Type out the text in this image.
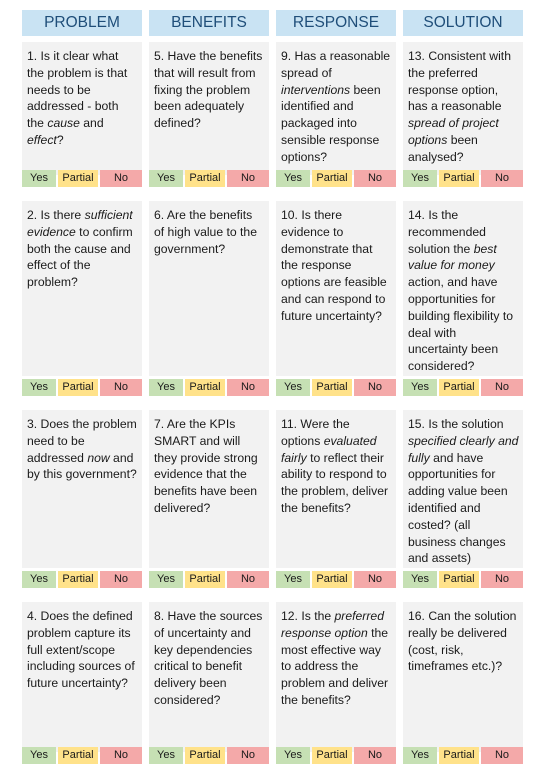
PROBLEM
1. Is it clear what the problem is that needs to be addressed - both the cause and effect?
Yes	Partial	No
2. Is there sufficient evidence to confirm both the cause and effect of the problem?
Yes	Partial	No
3. Does the problem need to be addressed now and by this government?
Yes	Partial	No
4. Does the defined problem capture its full extent/scope including sources of future uncertainty?
Yes	Partial	No
BENEFITS
5. Have the benefits that will result from fixing the problem been adequately defined?
Yes	Partial	No
6. Are the benefits of high value to the government?
Yes	Partial	No
7. Are the KPIs SMART and will they provide strong evidence that the benefits have been delivered?
Yes	Partial	No
8. Have the sources of uncertainty and key dependencies critical to benefit delivery been considered?
Yes	Partial	No
RESPONSE
9. Has a reasonable spread of interventions been identified and packaged into sensible response options?
Yes	Partial	No
10. Is there evidence to demonstrate that the response options are feasible and can respond to future uncertainty?
Yes	Partial	No
11. Were the options evaluated fairly to reflect their ability to respond to the problem, deliver the benefits?
Yes	Partial	No
12. Is the preferred response option the most effective way to address the problem and deliver the benefits?
Yes	Partial	No
SOLUTION
13. Consistent with the preferred response option, has a reasonable spread of project options been analysed?
Yes	Partial	No
14. Is the recommended solution the best value for money action, and have opportunities for building flexibility to deal with uncertainty been considered?
Yes	Partial	No
15. Is the solution specified clearly and fully and have opportunities for adding value been identified and costed? (all business changes and assets)
Yes	Partial	No
16. Can the solution really be delivered (cost, risk, timeframes etc.)?
Yes	Partial	No
